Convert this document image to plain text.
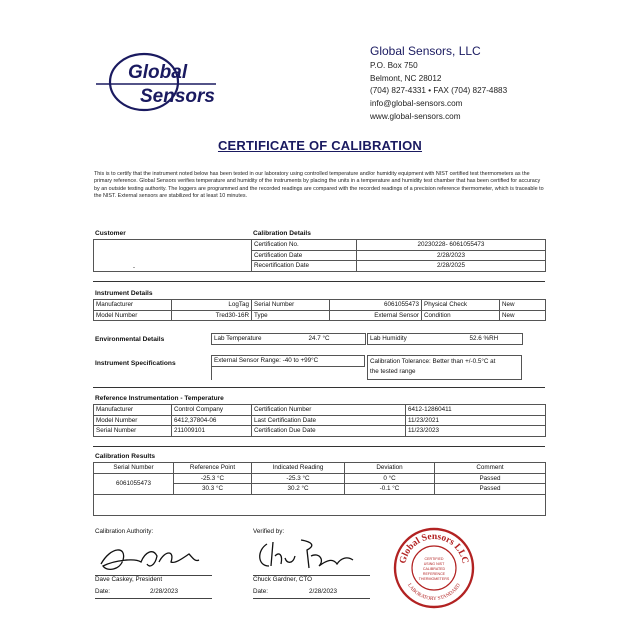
Global
Sensors
Global Sensors, LLC
P.O. Box 750
Belmont, NC 28012
(704) 827-4331 • FAX (704) 827-4883
info@global-sensors.com
www.global-sensors.com
CERTIFICATE OF CALIBRATION
This is to certify that the instrument noted below has been tested in our laboratory using controlled temperature and/or humidity equipment with NIST certified test thermometers as the primary reference. Global Sensors verifies temperature and humidity of the instruments by placing the units in a temperature and humidity test chamber that has been certified for accuracy by an outside testing authority. The loggers are programmed and the recorded readings are compared with the recorded readings of a precision reference thermometer, which is traceable to the NIST. External sensors are stabilized for at least 10 minutes.
Customer	Calibration Details
	Certification No.	20230228- 6061055473
	Certification Date	2/28/2023
	Recertification Date	2/28/2025
-
Instrument Details
Manufacturer	LogTag	Serial Number	6061055473	Physical Check	New
Model Number	Tred30-16R	Type	External Sensor	Condition	New
Environmental Details	Lab Temperature	24.7 °C	Lab Humidity	52.6 %RH
Instrument Specifications	External Sensor Range: -40 to +99°C	Calibration Tolerance: Better than +/-0.5°C at
the tested range
Reference Instrumentation - Temperature
Manufacturer	Control Company	Certification Number	6412-12860411
Model Number	6412,37804-06	Last Certification Date	11/23/2021
Serial Number	211009101	Certification Due Date	11/23/2023
Calibration Results
Serial Number	Reference Point	Indicated Reading	Deviation	Comment
6061055473	-25.3 °C	-25.3 °C	0 °C	Passed
	30.3 °C	30.2 °C	-0.1 °C	Passed

Calibration Authority:	Verified by:
Dave Caskey, President	Chuck Gardner, CTO
Date:	2/28/2023	Date:	2/28/2023
Global Sensors LLC
LABORATORY STANDARD
CERTIFIED
USING NIST
CALIBRATED
REFERENCE
THERMOMETERS
